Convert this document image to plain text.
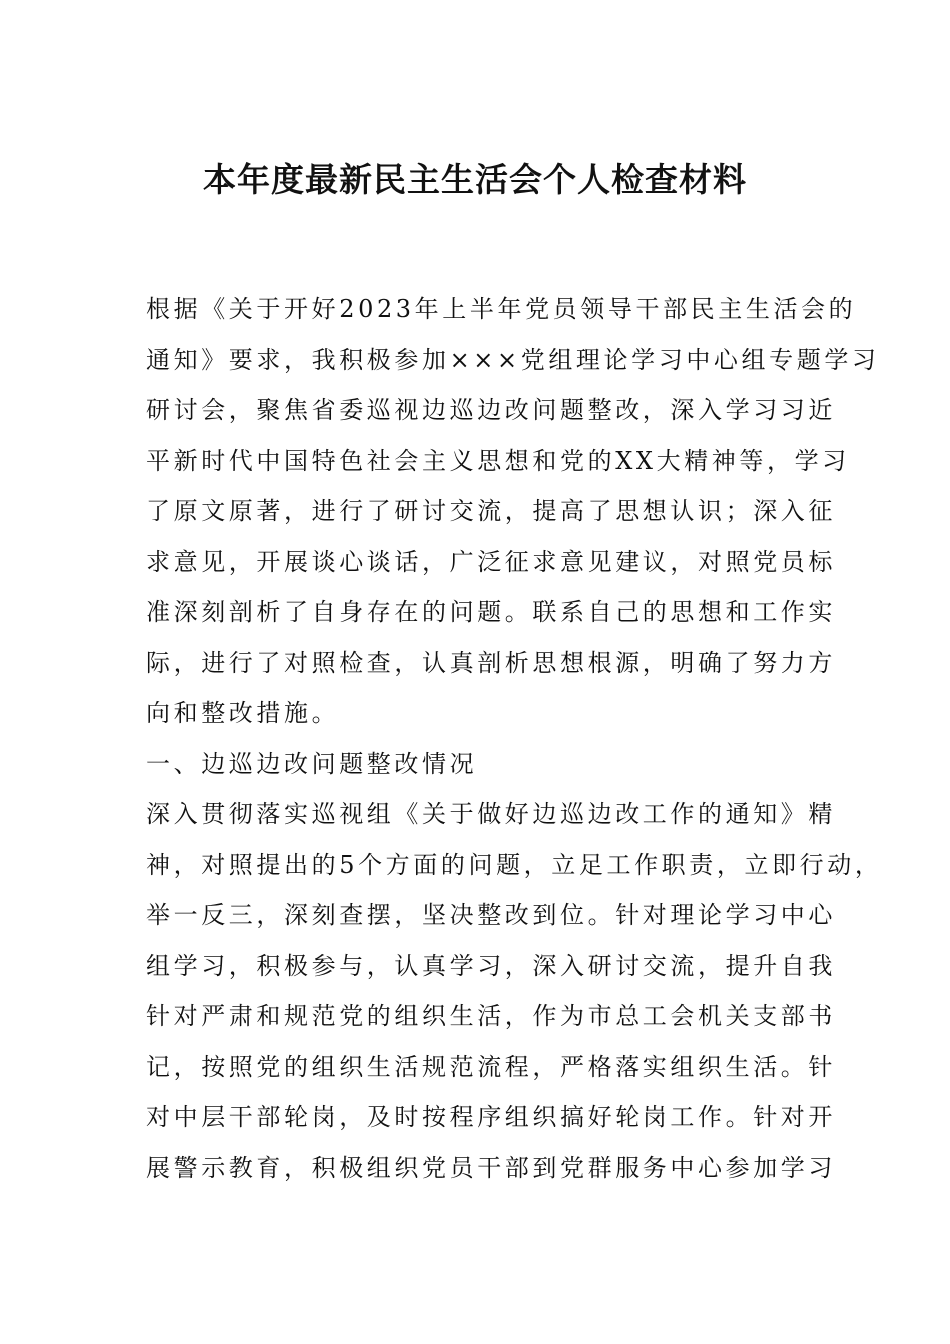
本年度最新民主生活会个人检查材料
根据《关于开好2023年上半年党员领导干部民主生活会的
通知》要求，我积极参加×××党组理论学习中心组专题学习
研讨会，聚焦省委巡视边巡边改问题整改，深入学习习近
平新时代中国特色社会主义思想和党的XX大精神等，学习
了原文原著，进行了研讨交流，提高了思想认识；深入征
求意见，开展谈心谈话，广泛征求意见建议，对照党员标
准深刻剖析了自身存在的问题。联系自己的思想和工作实
际，进行了对照检查，认真剖析思想根源，明确了努力方
向和整改措施。
一、边巡边改问题整改情况
深入贯彻落实巡视组《关于做好边巡边改工作的通知》精
神，对照提出的5个方面的问题，立足工作职责，立即行动，
举一反三，深刻查摆，坚决整改到位。针对理论学习中心
组学习，积极参与，认真学习，深入研讨交流，提升自我
针对严肃和规范党的组织生活，作为市总工会机关支部书
记，按照党的组织生活规范流程，严格落实组织生活。针
对中层干部轮岗，及时按程序组织搞好轮岗工作。针对开
展警示教育，积极组织党员干部到党群服务中心参加学习
